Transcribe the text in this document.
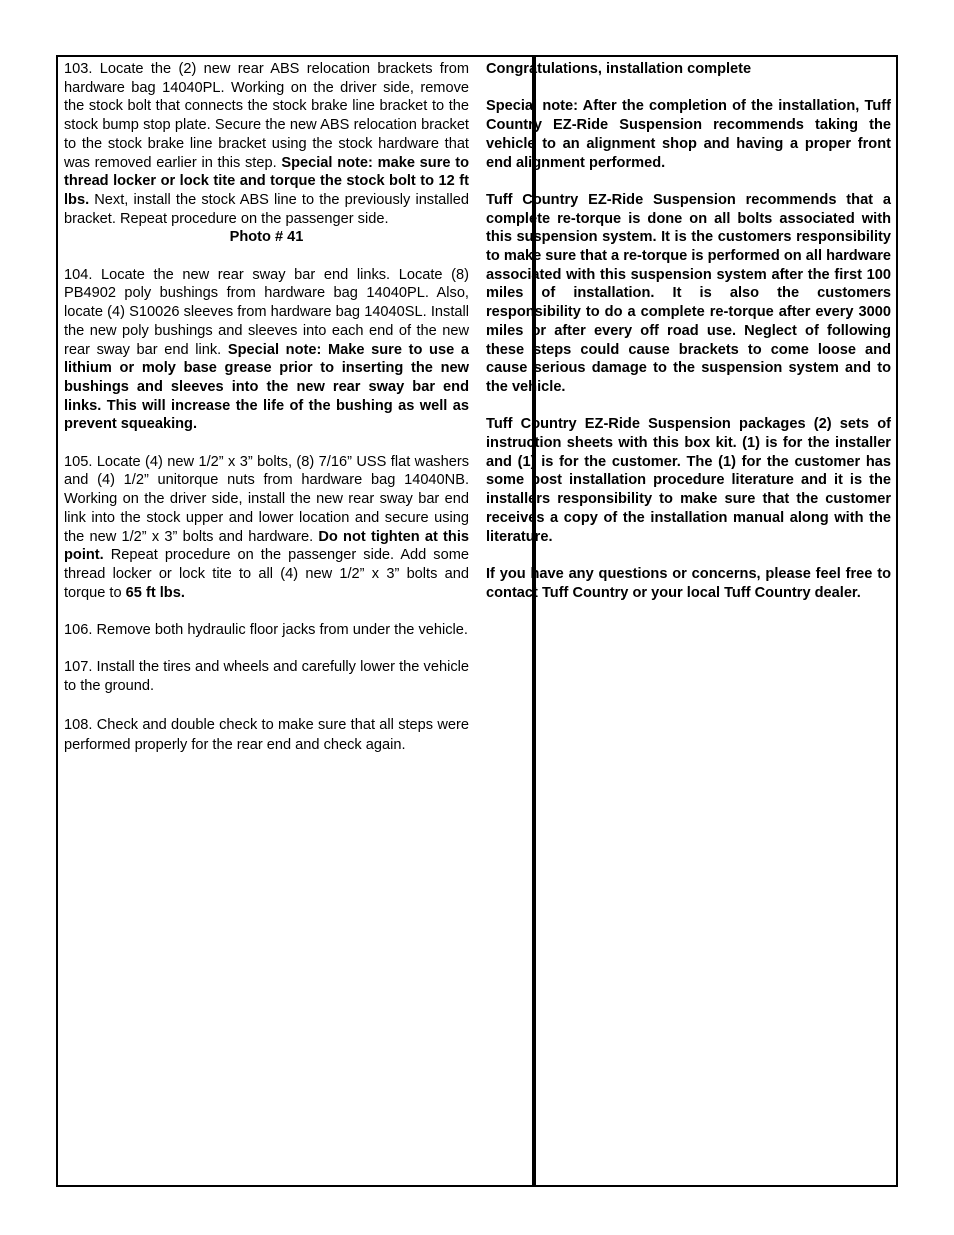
103. Locate the (2) new rear ABS relocation brackets from hardware bag 14040PL. Working on the driver side, remove the stock bolt that connects the stock brake line bracket to the stock bump stop plate. Secure the new ABS relocation bracket to the stock brake line bracket using the stock hardware that was removed earlier in this step. Special note: make sure to thread locker or lock tite and torque the stock bolt to 12 ft lbs. Next, install the stock ABS line to the previously installed bracket. Repeat procedure on the passenger side.

Photo # 41

104. Locate the new rear sway bar end links. Locate (8) PB4902 poly bushings from hardware bag 14040PL. Also, locate (4) S10026 sleeves from hardware bag 14040SL. Install the new poly bushings and sleeves into each end of the new rear sway bar end link. Special note: Make sure to use a lithium or moly base grease prior to inserting the new bushings and sleeves into the new rear sway bar end links. This will increase the life of the bushing as well as prevent squeaking.

105. Locate (4) new 1/2” x 3” bolts, (8) 7/16” USS flat washers and (4) 1/2” unitorque nuts from hardware bag 14040NB. Working on the driver side, install the new rear sway bar end link into the stock upper and lower location and secure using the new 1/2” x 3” bolts and hardware. Do not tighten at this point. Repeat procedure on the passenger side. Add some thread locker or lock tite to all (4) new 1/2” x 3” bolts and torque to 65 ft lbs.

106. Remove both hydraulic floor jacks from under the vehicle.

107. Install the tires and wheels and carefully lower the vehicle to the ground.

108. Check and double check to make sure that all steps were performed properly for the rear end and check again.

Congratulations, installation complete

Special note: After the completion of the installation, Tuff Country EZ-Ride Suspension recommends taking the vehicle to an alignment shop and having a proper front end alignment performed.

Tuff Country EZ-Ride Suspension recommends that a complete re-torque is done on all bolts associated with this suspension system. It is the customers responsibility to make sure that a re-torque is performed on all hardware associated with this suspension system after the first 100 miles of installation. It is also the customers responsibility to do a complete re-torque after every 3000 miles or after every off road use. Neglect of following these steps could cause brackets to come loose and cause serious damage to the suspension system and to the vehicle.

Tuff Country EZ-Ride Suspension packages (2) sets of instruction sheets with this box kit. (1) is for the installer and (1) is for the customer. The (1) for the customer has some post installation procedure literature and it is the installers responsibility to make sure that the customer receives a copy of the installation manual along with the literature.

If you have any questions or concerns, please feel free to contact Tuff Country or your local Tuff Country dealer.
